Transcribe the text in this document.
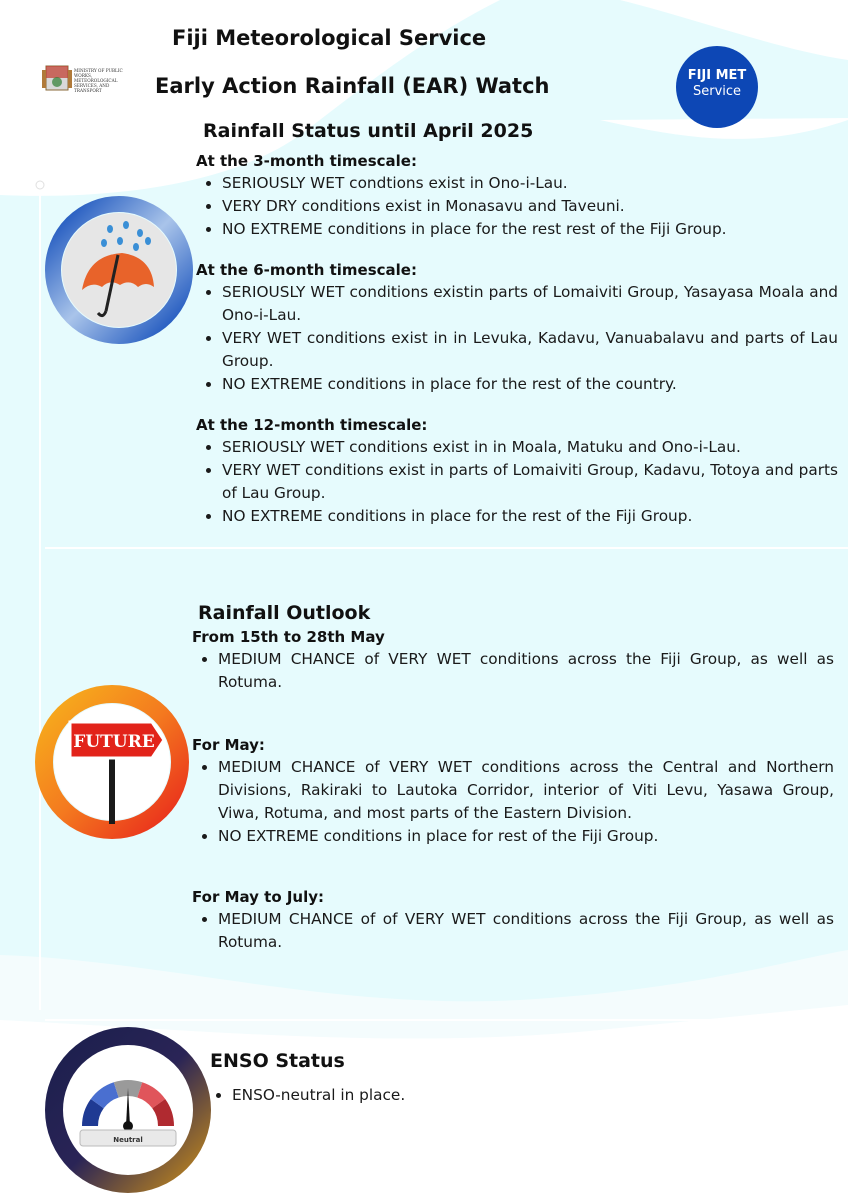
MINISTRY OF PUBLIC WORKS, METEOROLOGICAL SERVICES, AND TRANSPORT
Fiji Meteorological Service
Early Action Rainfall (EAR) Watch	FIJI MET
Service
Rainfall Status until April 2025
At the 3-month timescale:
SERIOUSLY WET condtions exist in Ono-i-Lau.
VERY DRY conditions exist in Monasavu and Taveuni.
NO EXTREME conditions in place for the rest rest of the Fiji Group.
At the 6-month timescale:
SERIOUSLY WET conditions existin parts of Lomaiviti Group, Yasayasa Moala and Ono-i-Lau.
VERY WET conditions exist in in Levuka, Kadavu, Vanuabalavu and parts of Lau Group.
NO EXTREME conditions in place for the rest of the country.
At the 12-month timescale:
SERIOUSLY WET conditions exist in in Moala, Matuku and Ono-i-Lau.
VERY WET conditions exist in parts of Lomaiviti Group, Kadavu, Totoya and parts of Lau Group.
NO EXTREME conditions in place for the rest of the Fiji Group.
Rainfall Outlook
FUTURE
From 15th to 28th May
MEDIUM CHANCE of VERY WET conditions across the Fiji Group, as well as Rotuma.
For May:
MEDIUM CHANCE of VERY WET conditions across the Central and Northern Divisions, Rakiraki to Lautoka Corridor, interior of Viti Levu, Yasawa Group, Viwa, Rotuma, and most parts of the Eastern Division.
NO EXTREME conditions in place for rest of the Fiji Group.
For May to July:
MEDIUM CHANCE of of VERY WET conditions across the Fiji Group, as well as Rotuma.
Neutral
ENSO Status
ENSO-neutral in place.
